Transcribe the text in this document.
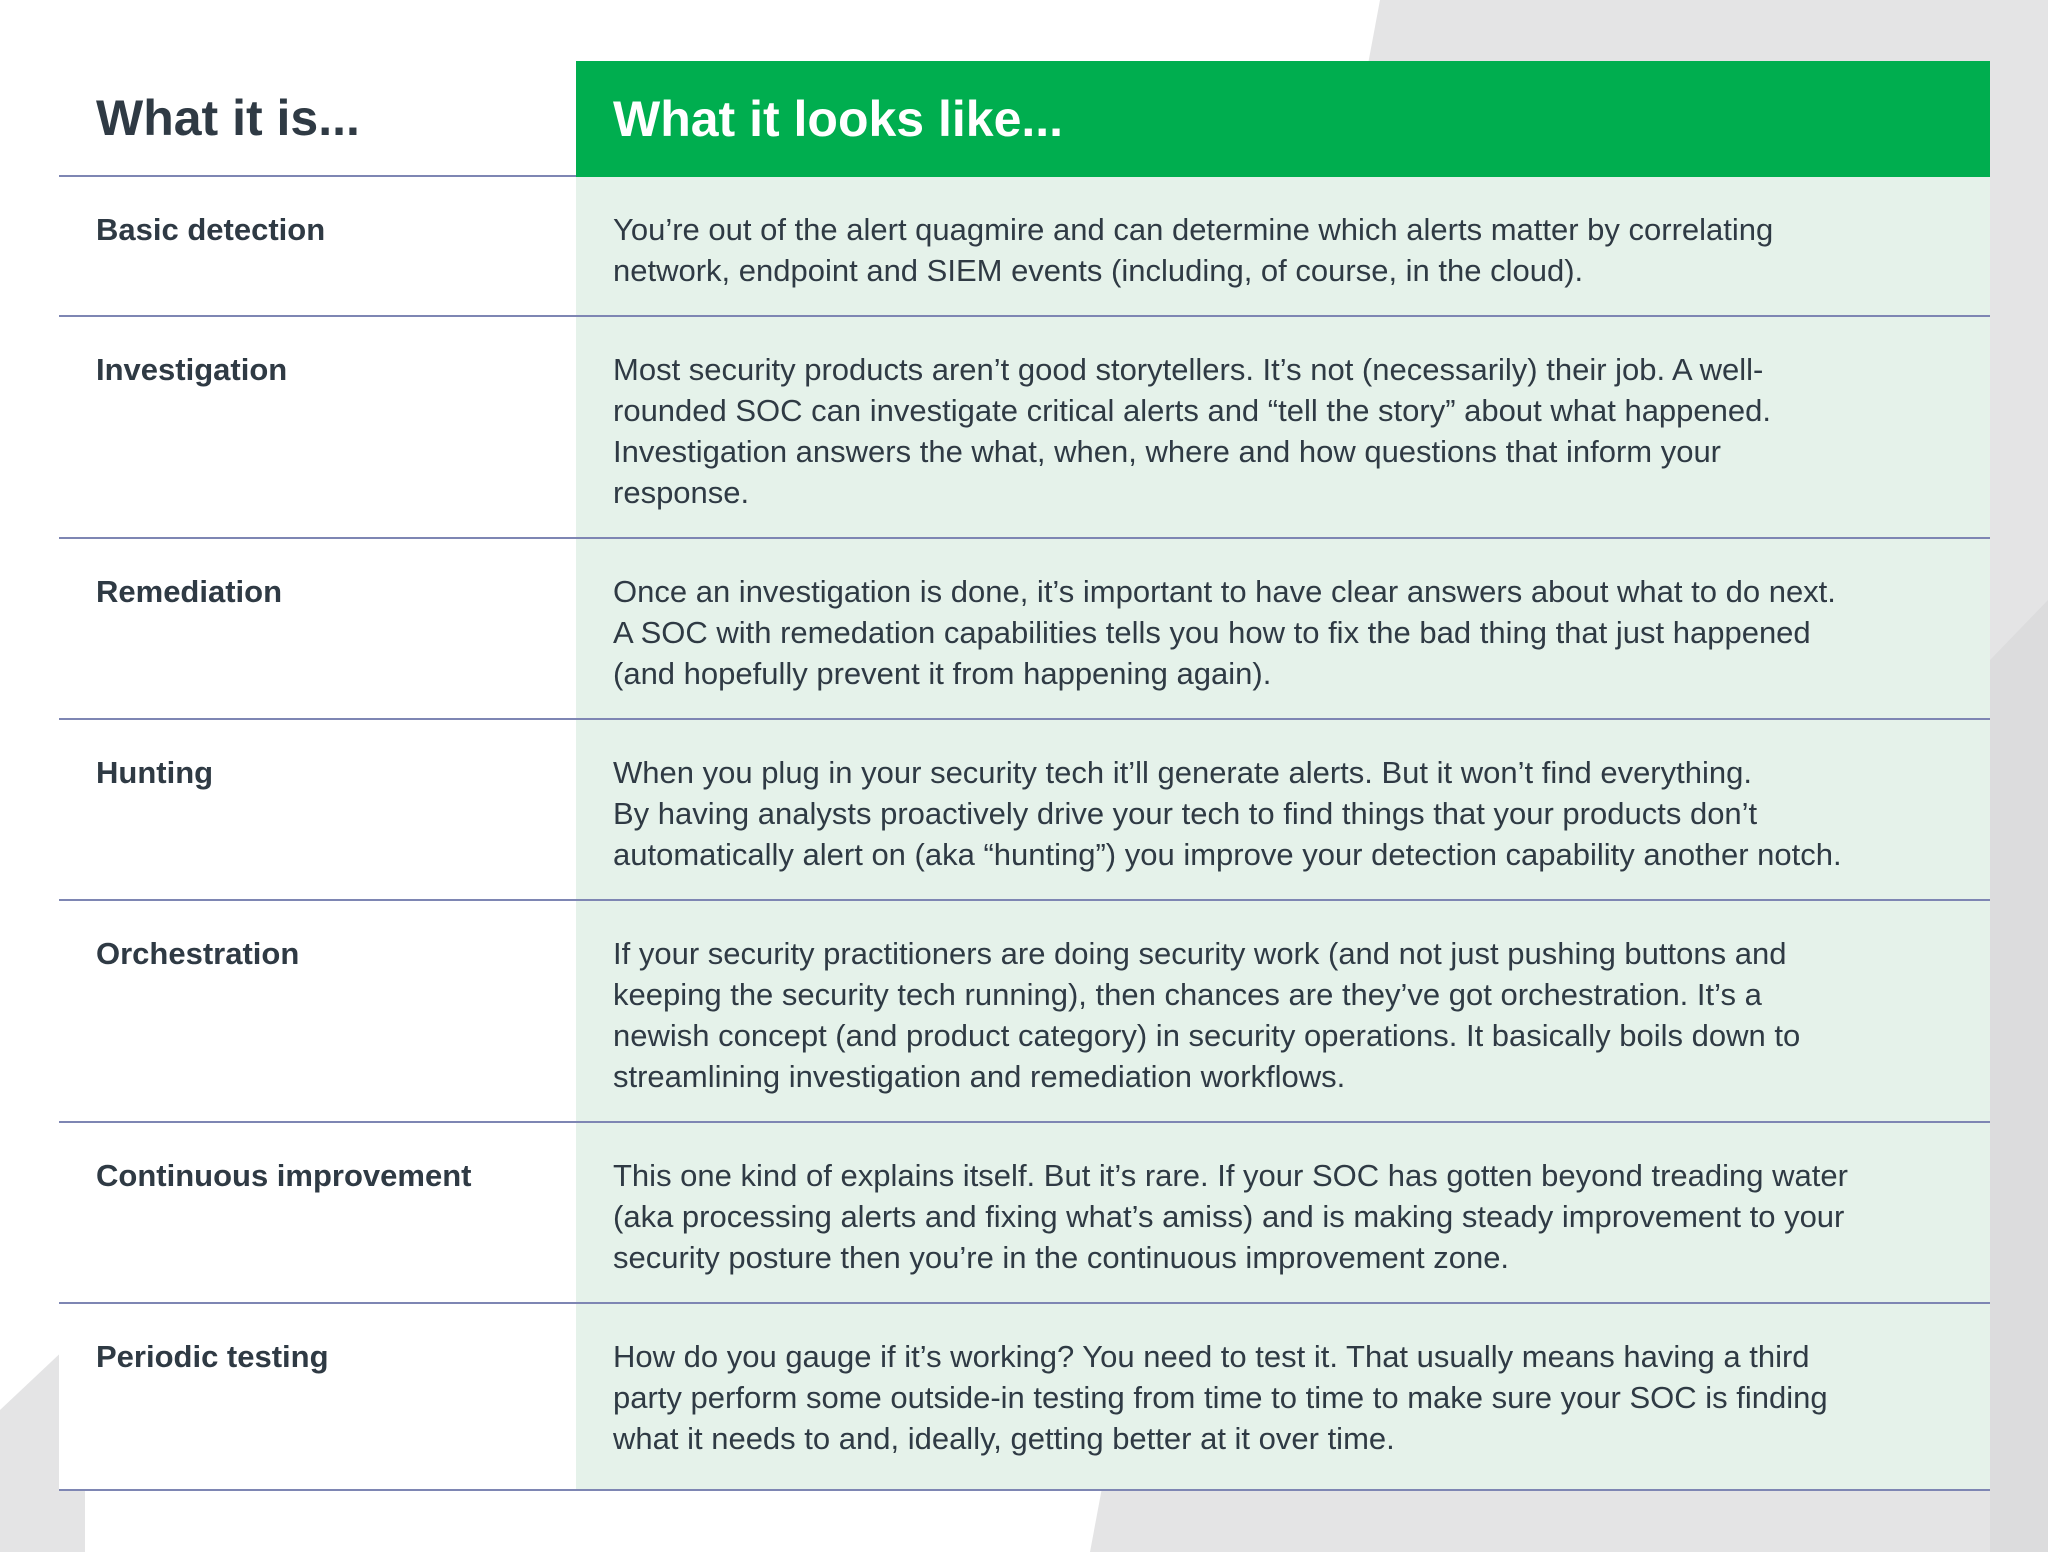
What it is...	What it looks like...
Basic detection	You’re out of the alert quagmire and can determine which alerts matter by correlating
network, endpoint and SIEM events (including, of course, in the cloud).
Investigation	Most security products aren’t good storytellers. It’s not (necessarily) their job. A well-
rounded SOC can investigate critical alerts and “tell the story” about what happened.
Investigation answers the what, when, where and how questions that inform your
response.
Remediation	Once an investigation is done, it’s important to have clear answers about what to do next.
A SOC with remedation capabilities tells you how to fix the bad thing that just happened
(and hopefully prevent it from happening again).
Hunting	When you plug in your security tech it’ll generate alerts. But it won’t find everything.
By having analysts proactively drive your tech to find things that your products don’t
automatically alert on (aka “hunting”) you improve your detection capability another notch.
Orchestration	If your security practitioners are doing security work (and not just pushing buttons and
keeping the security tech running), then chances are they’ve got orchestration. It’s a
newish concept (and product category) in security operations. It basically boils down to
streamlining investigation and remediation workflows.
Continuous improvement	This one kind of explains itself. But it’s rare. If your SOC has gotten beyond treading water
(aka processing alerts and fixing what’s amiss) and is making steady improvement to your
security posture then you’re in the continuous improvement zone.
Periodic testing	How do you gauge if it’s working? You need to test it. That usually means having a third
party perform some outside-in testing from time to time to make sure your SOC is finding
what it needs to and, ideally, getting better at it over time.
